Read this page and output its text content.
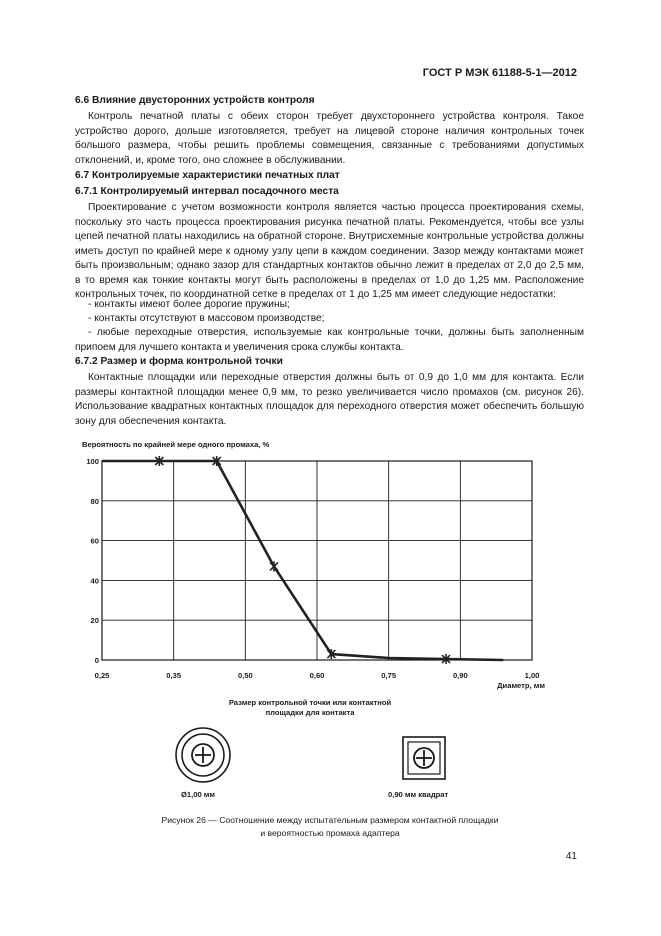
ГОСТ Р МЭК 61188-5-1—2012
6.6 Влияние двусторонних устройств контроля
Контроль печатной платы с обеих сторон требует двухстороннего устройства контроля. Такое устройство дорого, дольше изготовляется, требует на лицевой стороне наличия контрольных точек большого размера, чтобы решить проблемы совмещения, связанные с требованиями допустимых отклонений, и, кроме того, оно сложнее в обслуживании.
6.7 Контролируемые характеристики печатных плат
6.7.1 Контролируемый интервал посадочного места
Проектирование с учетом возможности контроля является частью процесса проектирования схемы, поскольку это часть процесса проектирования рисунка печатной платы. Рекомендуется, чтобы все узлы цепей печатной платы находились на обратной стороне. Внутрисхемные контрольные устройства должны иметь доступ по крайней мере к одному узлу цепи в каждом соединении. Зазор между контактами может быть произвольным; однако зазор для стандартных контактов обычно лежит в пределах от 2,0 до 2,5 мм, в то время как тонкие контакты могут быть расположены в пределах от 1,0 до 1,25 мм. Расположение контрольных точек, по координатной сетке в пределах от 1 до 1,25 мм имеет следующие недостатки:
- контакты имеют более дорогие пружины;
- контакты отсутствуют в массовом производстве;
- любые переходные отверстия, используемые как контрольные точки, должны быть заполненным припоем для лучшего контакта и увеличения срока службы контакта.
6.7.2 Размер и форма контрольной точки
Контактные площадки или переходные отверстия должны быть от 0,9 до 1,0 мм для контакта. Если размеры контактной площадки менее 0,9 мм, то резко увеличивается число промахов (см. рисунок 26). Использование квадратных контактных площадок для переходного отверстия может обеспечить большую зону для обеспечения контакта.
Вероятность по крайней мере одного промаха, %
0
20
40
60
80
100
0,25	0,35	0,50	0,60	0,75	0,90	1,00
Диаметр, мм
Размер контрольной точки или контактной
площадки для контакта
Ø1,00 мм	0,90 мм квадрат
Рисунок 26 — Соотношение между испытательным размером контактной площадки
и вероятностью промаха адаптера
41
